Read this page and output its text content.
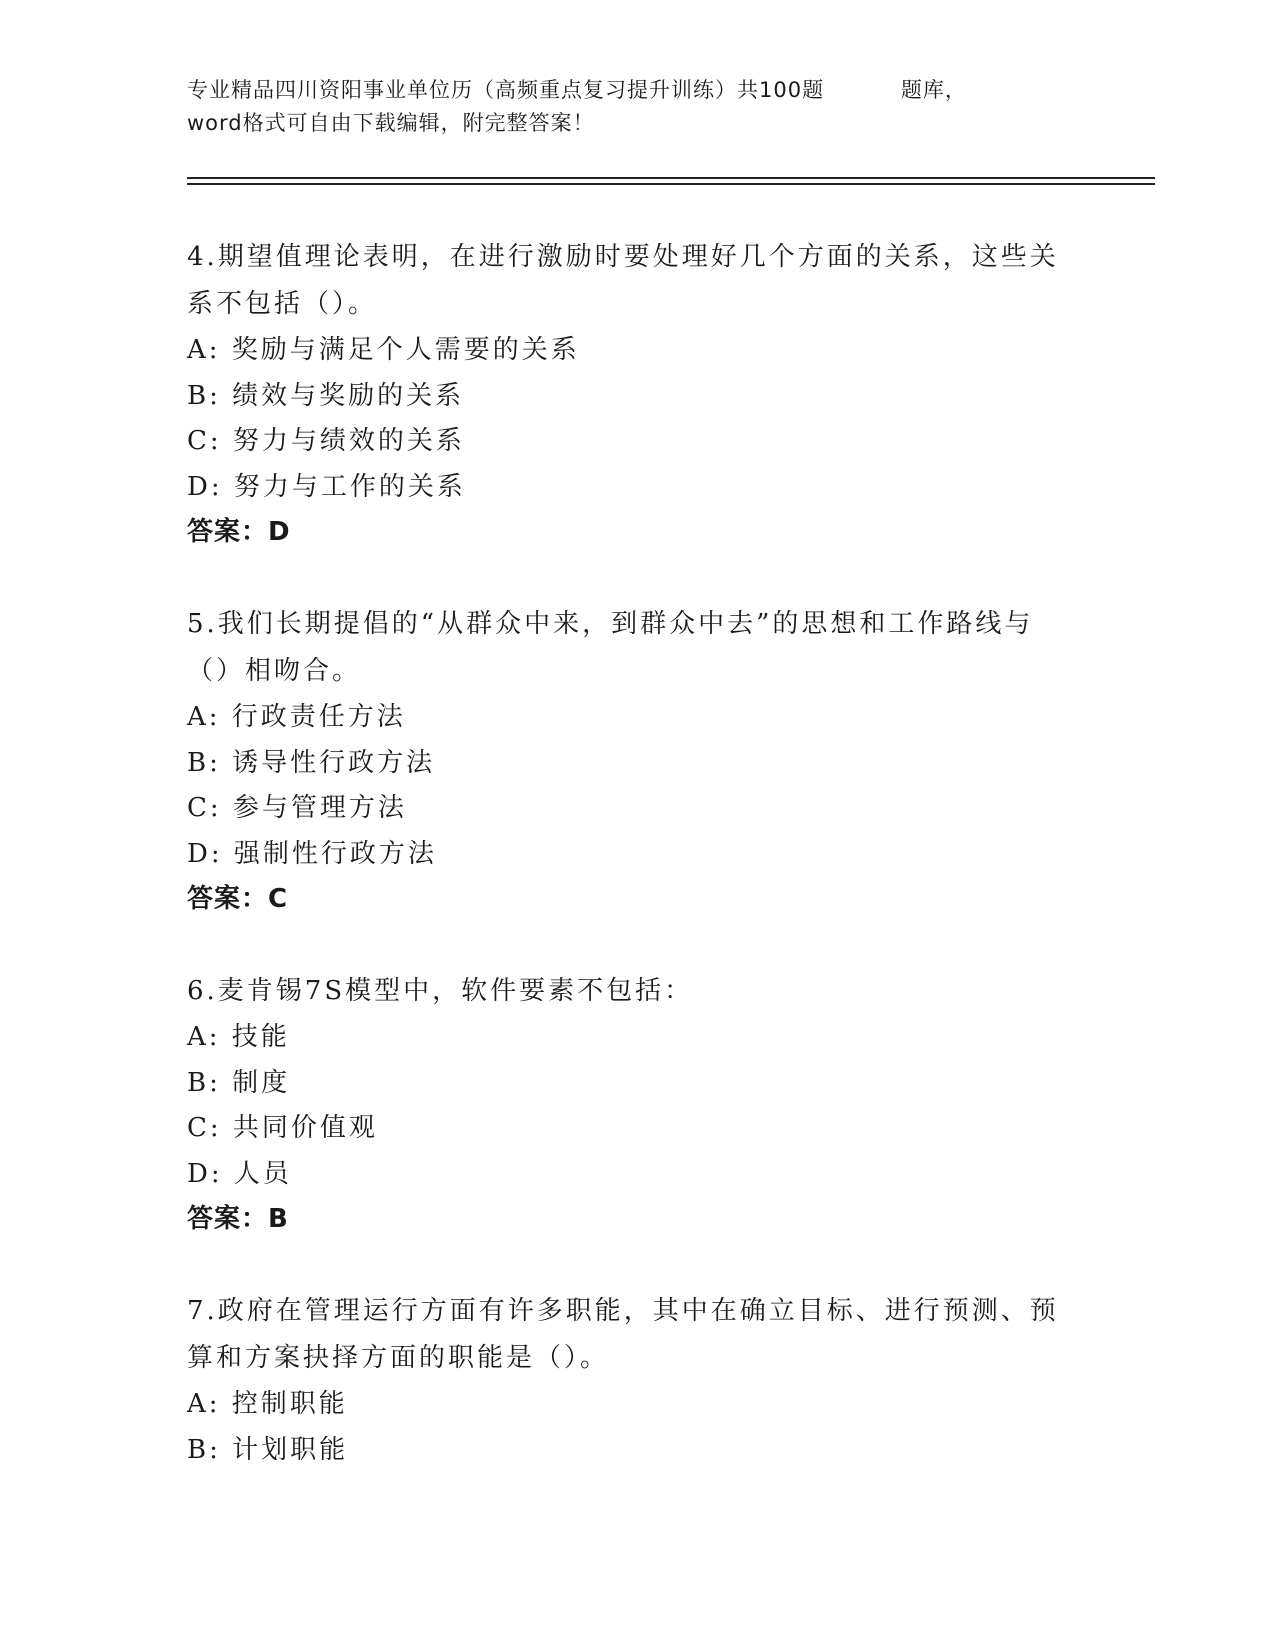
专业精品四川资阳事业单位历（高频重点复习提升训练）共100题          题库，
word格式可自由下载编辑，附完整答案！

4.期望值理论表明，在进行激励时要处理好几个方面的关系，这些关系不包括（）。

A: 奖励与满足个人需要的关系

B: 绩效与奖励的关系

C: 努力与绩效的关系

D: 努力与工作的关系

答案：D

5.我们长期提倡的“从群众中来，到群众中去”的思想和工作路线与（）相吻合。

A: 行政责任方法

B: 诱导性行政方法

C: 参与管理方法

D: 强制性行政方法

答案：C

6.麦肯锡7S模型中，软件要素不包括：

A: 技能

B: 制度

C: 共同价值观

D: 人员

答案：B

7.政府在管理运行方面有许多职能，其中在确立目标、进行预测、预算和方案抉择方面的职能是（）。

A: 控制职能

B: 计划职能
